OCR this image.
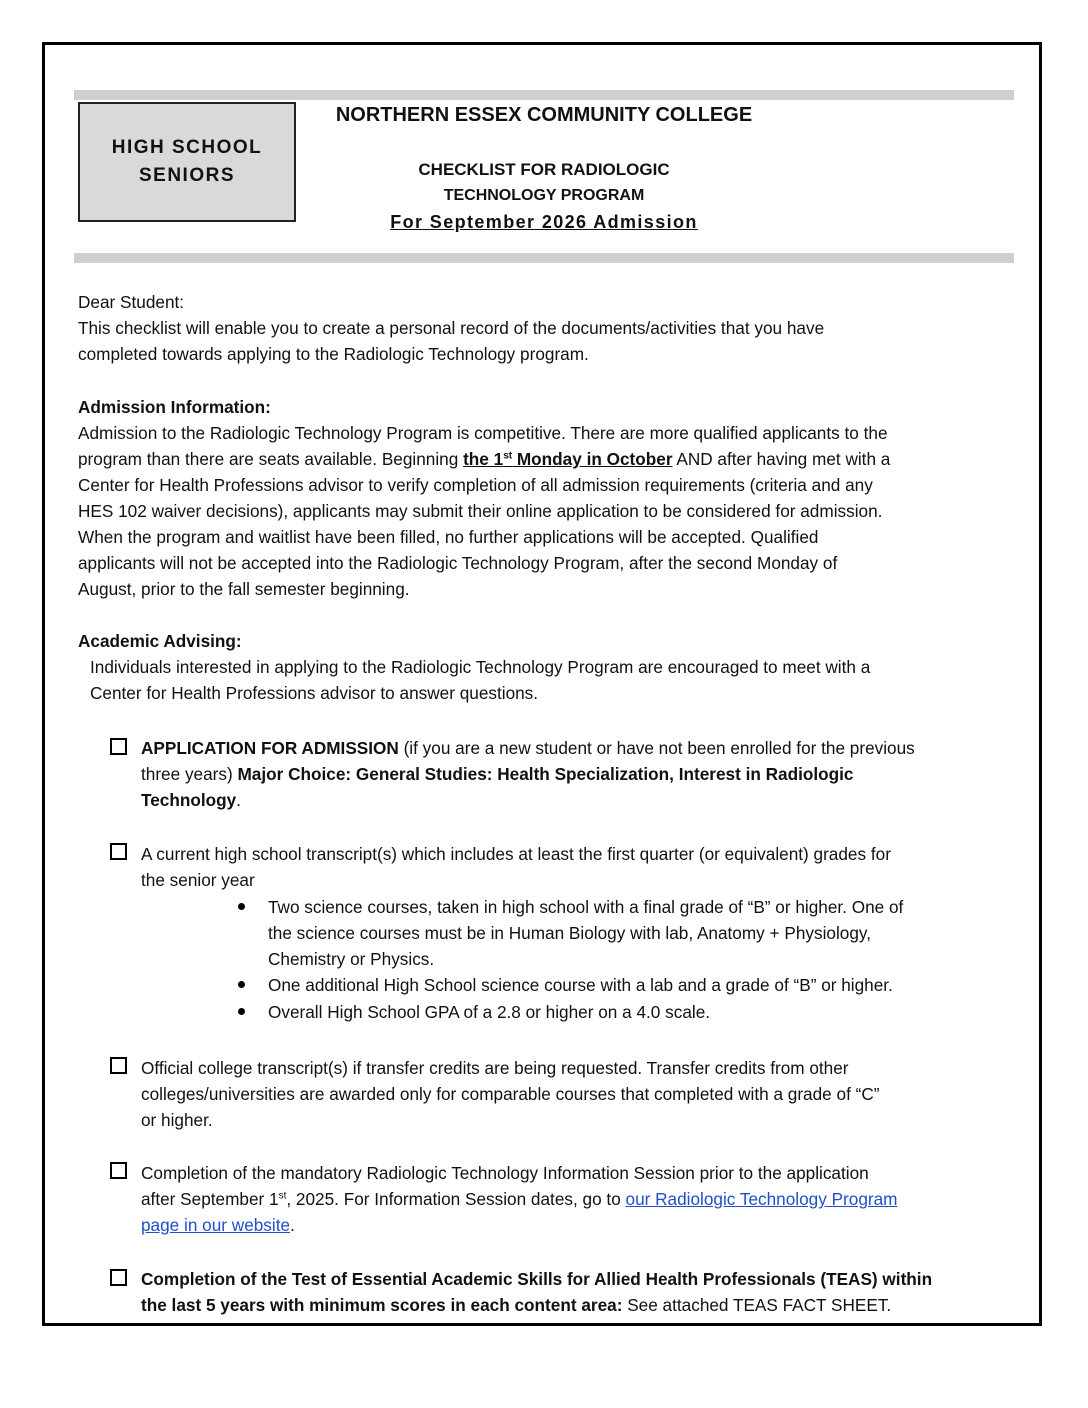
HIGH SCHOOL
SENIORS
NORTHERN ESSEX COMMUNITY COLLEGE
CHECKLIST FOR RADIOLOGIC
TECHNOLOGY PROGRAM
For September 2026 Admission
Dear Student:
This checklist will enable you to create a personal record of the documents/activities that you have
completed towards applying to the Radiologic Technology program.
Admission Information:
Admission to the Radiologic Technology Program is competitive. There are more qualified applicants to the
program than there are seats available. Beginning the 1st Monday in October AND after having met with a
Center for Health Professions advisor to verify completion of all admission requirements (criteria and any
HES 102 waiver decisions), applicants may submit their online application to be considered for admission.
When the program and waitlist have been filled, no further applications will be accepted. Qualified
applicants will not be accepted into the Radiologic Technology Program, after the second Monday of
August, prior to the fall semester beginning.
Academic Advising:
Individuals interested in applying to the Radiologic Technology Program are encouraged to meet with a
Center for Health Professions advisor to answer questions.
APPLICATION FOR ADMISSION (if you are a new student or have not been enrolled for the previous
three years) Major Choice: General Studies: Health Specialization, Interest in Radiologic
Technology.
A current high school transcript(s) which includes at least the first quarter (or equivalent) grades for
the senior year
Two science courses, taken in high school with a final grade of “B” or higher. One of
the science courses must be in Human Biology with lab, Anatomy + Physiology,
Chemistry or Physics.
One additional High School science course with a lab and a grade of “B” or higher.
Overall High School GPA of a 2.8 or higher on a 4.0 scale.
Official college transcript(s) if transfer credits are being requested. Transfer credits from other
colleges/universities are awarded only for comparable courses that completed with a grade of “C”
or higher.
Completion of the mandatory Radiologic Technology Information Session prior to the application
after September 1st, 2025. For Information Session dates, go to our Radiologic Technology Program
page in our website.
Completion of the Test of Essential Academic Skills for Allied Health Professionals (TEAS) within
the last 5 years with minimum scores in each content area: See attached TEAS FACT SHEET.
